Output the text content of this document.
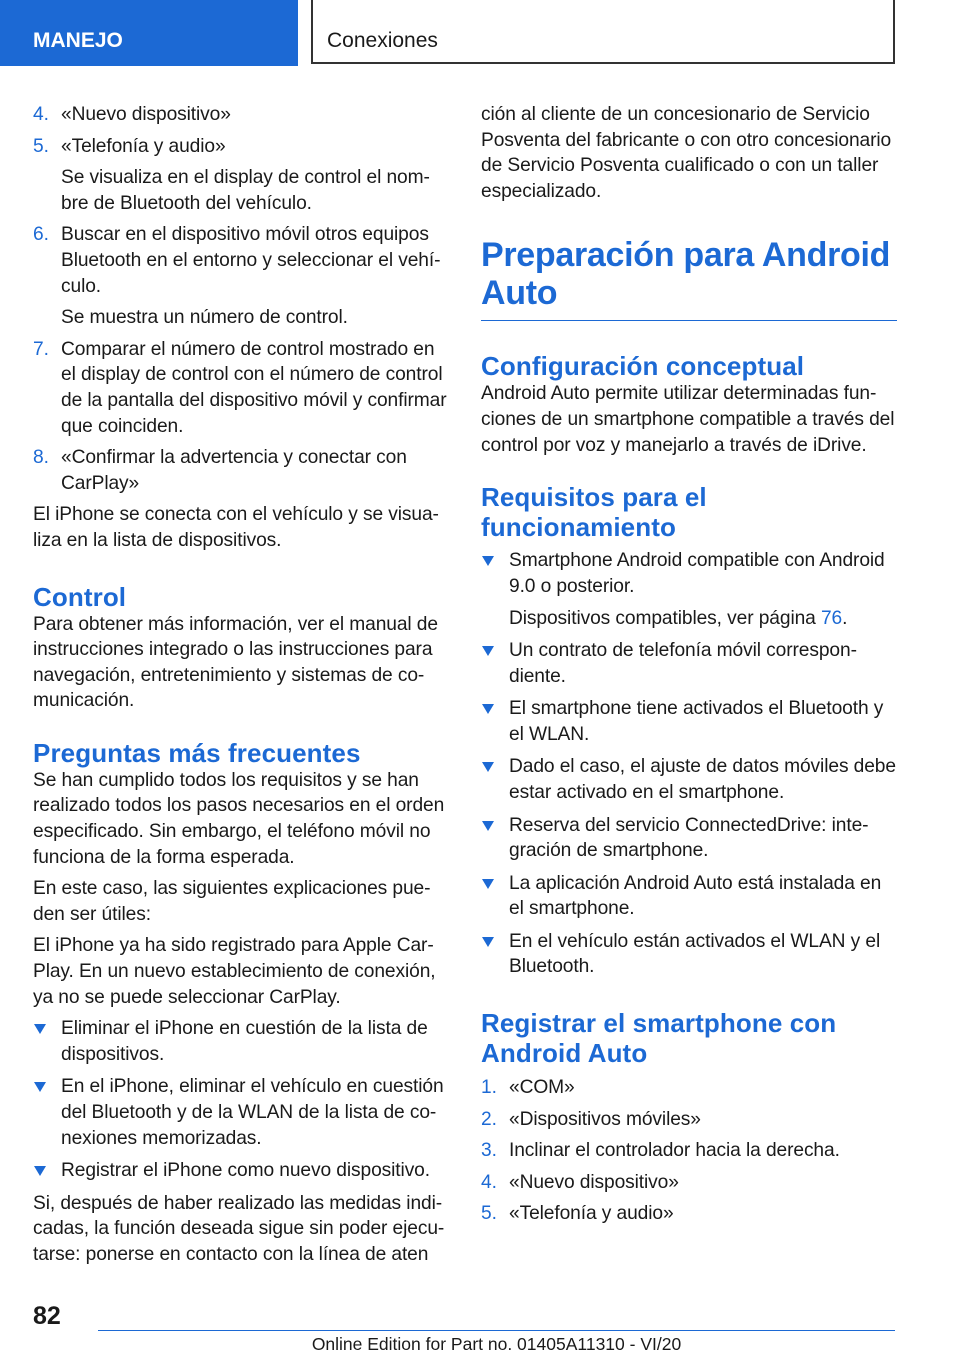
MANEJO	Conexiones
4. «Nuevo dispositivo»
5. «Telefonía y audio»

Se visualiza en el display de control el nombre de Bluetooth del vehículo.

6. Buscar en el dispositivo móvil otros equipos Bluetooth en el entorno y seleccionar el vehículo.

Se muestra un número de control.

7. Comparar el número de control mostrado en el display de control con el número de control de la pantalla del dispositivo móvil y confirmar que coinciden.
8. «Confirmar la advertencia y conectar con CarPlay»

El iPhone se conecta con el vehículo y se visualiza en la lista de dispositivos.

Control

Para obtener más información, ver el manual de instrucciones integrado o las instrucciones para navegación, entretenimiento y sistemas de comunicación.

Preguntas más frecuentes

Se han cumplido todos los requisitos y se han realizado todos los pasos necesarios en el orden especificado. Sin embargo, el teléfono móvil no funciona de la forma esperada.

En este caso, las siguientes explicaciones pueden ser útiles:

El iPhone ya ha sido registrado para Apple CarPlay. En un nuevo establecimiento de conexión, ya no se puede seleccionar CarPlay.

Eliminar el iPhone en cuestión de la lista de dispositivos.
En el iPhone, eliminar el vehículo en cuestión del Bluetooth y de la WLAN de la lista de conexiones memorizadas.
Registrar el iPhone como nuevo dispositivo.

Si, después de haber realizado las medidas indicadas, la función deseada sigue sin poder ejecutarse: ponerse en contacto con la línea de aten

ción al cliente de un concesionario de Servicio Posventa del fabricante o con otro concesionario de Servicio Posventa cualificado o con un taller especializado.

Preparación para Android Auto
Configuración conceptual

Android Auto permite utilizar determinadas funciones de un smartphone compatible a través del control por voz y manejarlo a través de iDrive.

Requisitos para el funcionamiento
Smartphone Android compatible con Android 9.0 o posterior.

Dispositivos compatibles, ver página 76.

Un contrato de telefonía móvil correspondiente.
El smartphone tiene activados el Bluetooth y el WLAN.
Dado el caso, el ajuste de datos móviles debe estar activado en el smartphone.
Reserva del servicio ConnectedDrive: integración de smartphone.
La aplicación Android Auto está instalada en el smartphone.
En el vehículo están activados el WLAN y el Bluetooth.
Registrar el smartphone con Android Auto
1. «COM»
2. «Dispositivos móviles»
3. Inclinar el controlador hacia la derecha.
4. «Nuevo dispositivo»
5. «Telefonía y audio»
82
Online Edition for Part no. 01405A11310 - VI/20
